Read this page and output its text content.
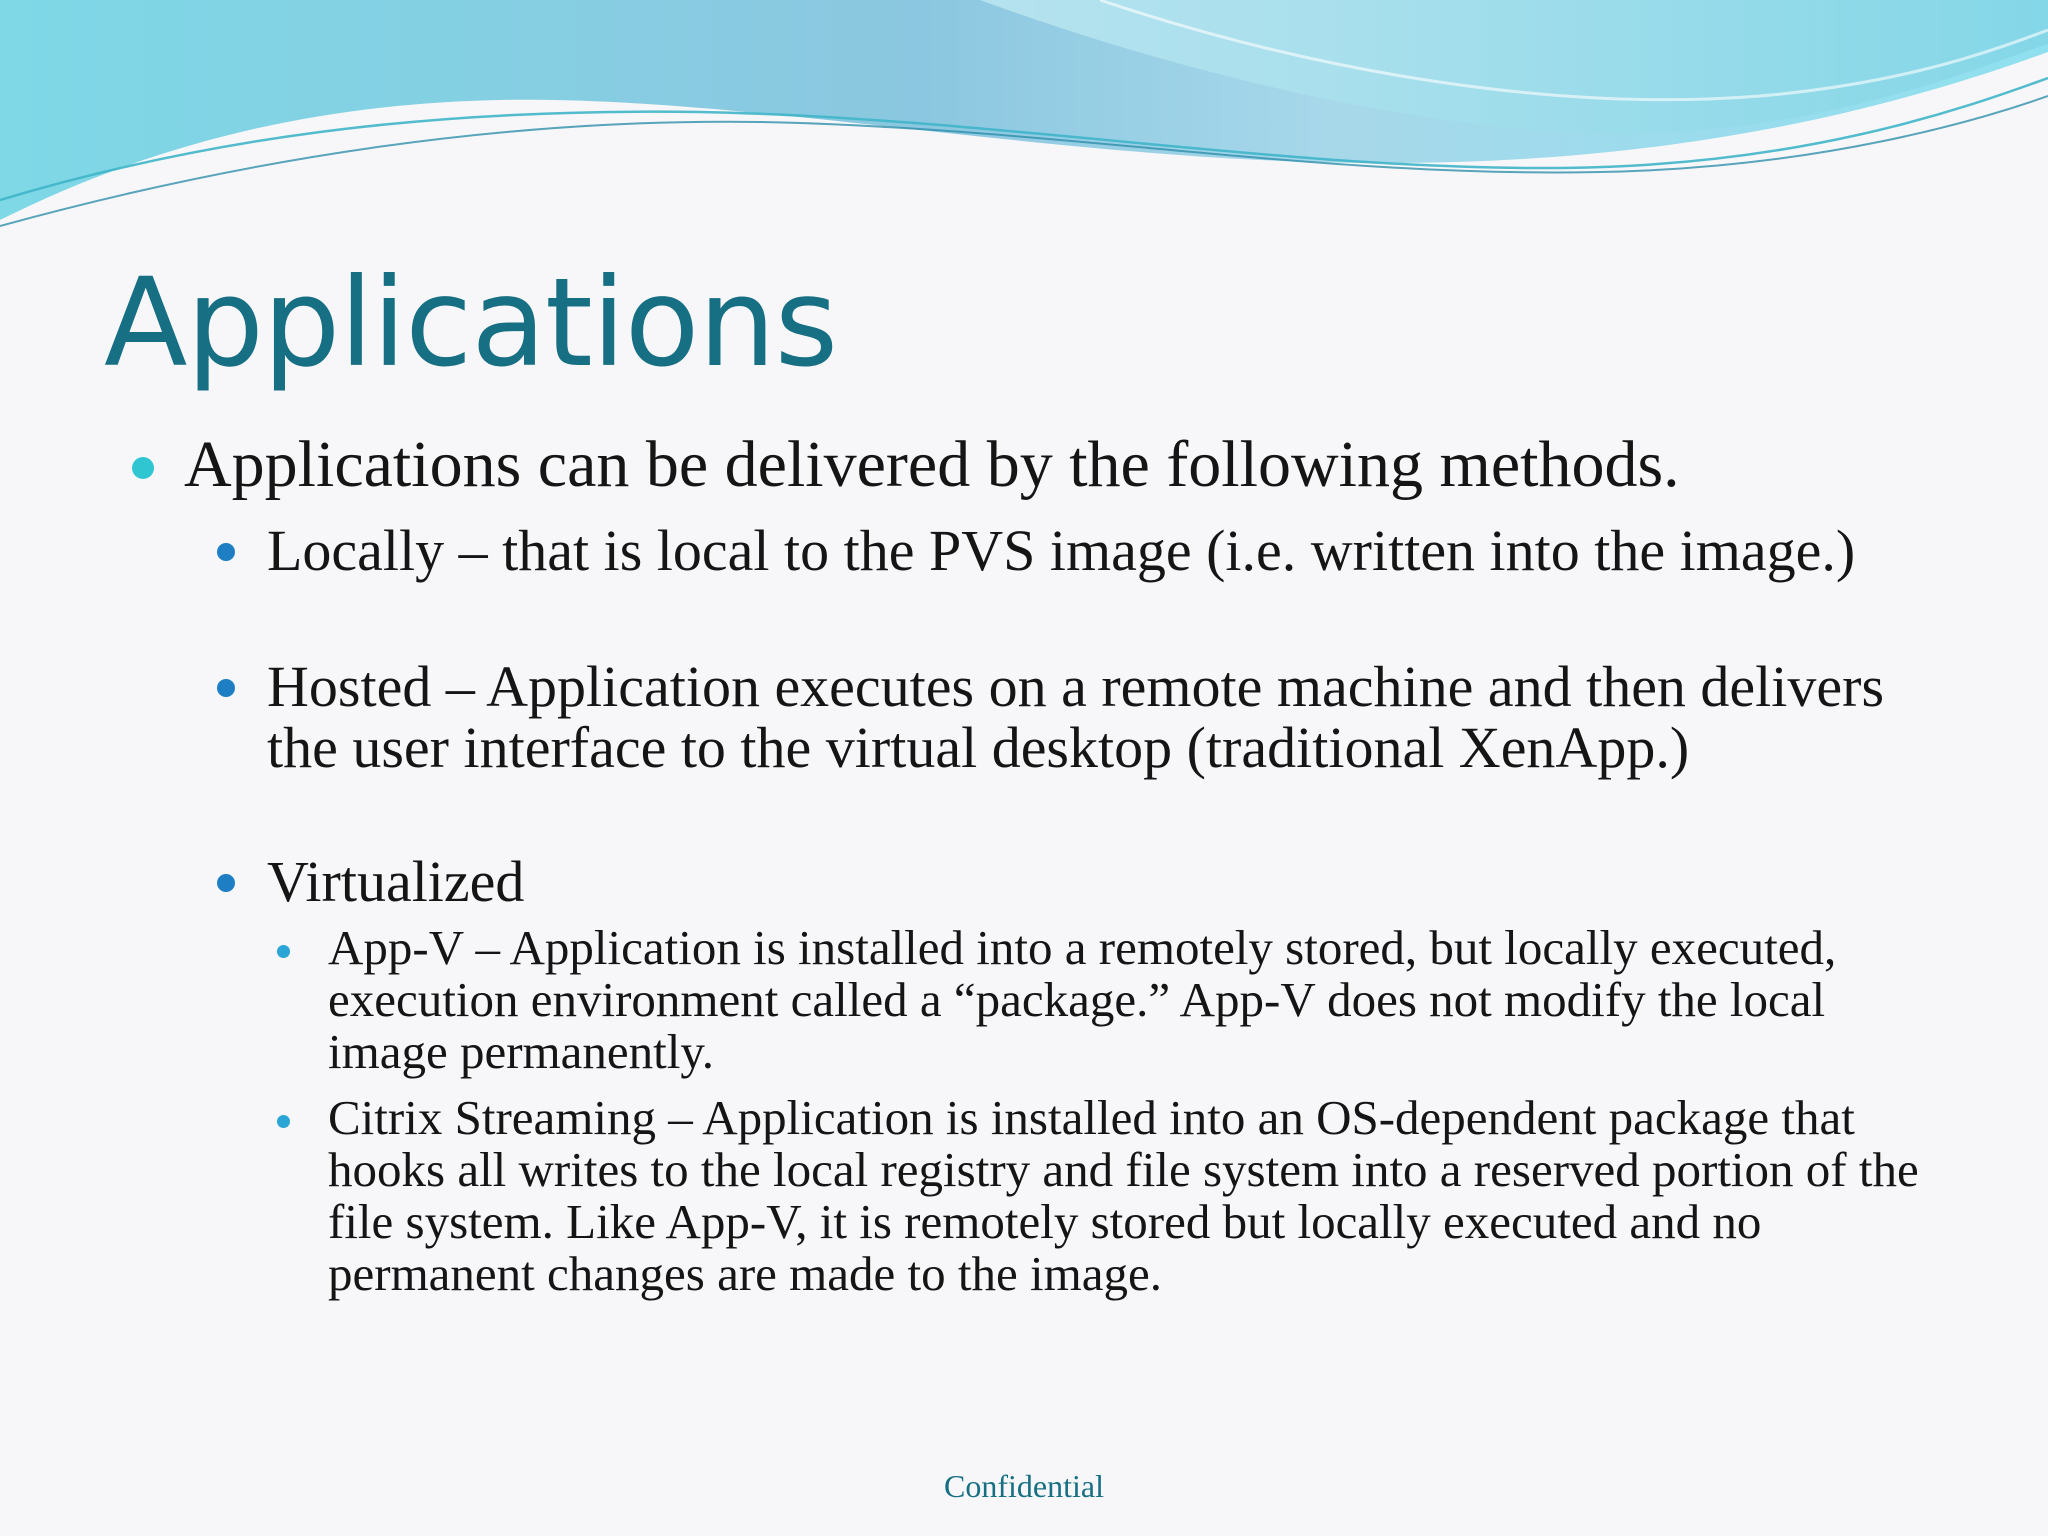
Applications
Applications can be delivered by the following methods.
Locally – that is local to the PVS image (i.e. written into the image.)
Hosted – Application executes on a remote machine and then delivers the user interface to the virtual desktop (traditional XenApp.)
Virtualized
App-V – Application is installed into a remotely stored, but locally executed, execution environment called a “package.” App-V does not modify the local image permanently.
Citrix Streaming – Application is installed into an OS-dependent package that hooks all writes to the local registry and file system into a reserved portion of the file system. Like App-V, it is remotely stored but locally executed and no permanent changes are made to the image.
Confidential
